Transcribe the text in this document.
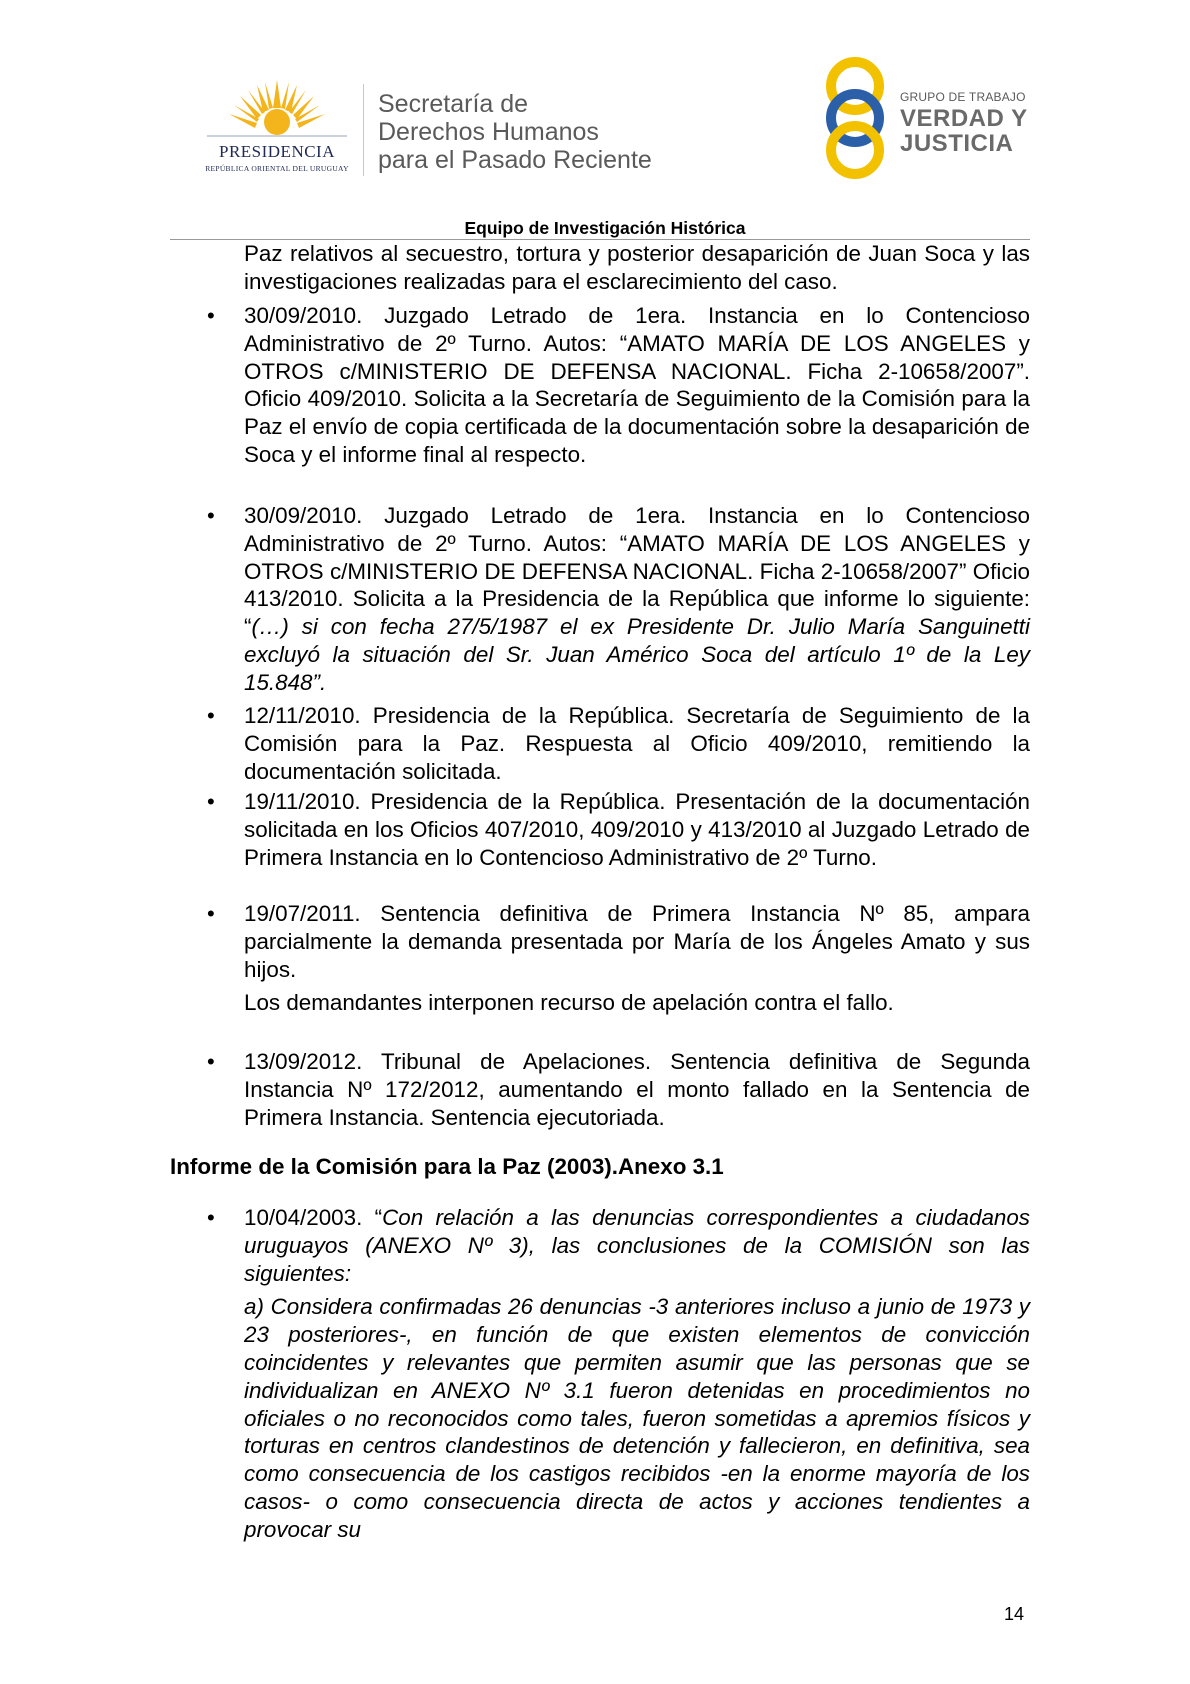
PRESIDENCIA
REPÚBLICA ORIENTAL DEL URUGUAY
Secretaría de
Derechos Humanos
para el Pasado Reciente
GRUPO DE TRABAJO
VERDAD Y
JUSTICIA
Equipo de Investigación Histórica

Paz relativos al secuestro, tortura y posterior desaparición de Juan Soca y las investigaciones realizadas para el esclarecimiento del caso.

• 30/09/2010. Juzgado Letrado de 1era. Instancia en lo Contencioso Administrativo de 2º Turno. Autos: “AMATO MARÍA DE LOS ANGELES y OTROS c/MINISTERIO DE DEFENSA NACIONAL. Ficha 2-10658/2007”. Oficio 409/2010. Solicita a la Secretaría de Seguimiento de la Comisión para la Paz el envío de copia certificada de la documentación sobre la desaparición de Soca y el informe final al respecto.

• 30/09/2010. Juzgado Letrado de 1era. Instancia en lo Contencioso Administrativo de 2º Turno. Autos: “AMATO MARÍA DE LOS ANGELES y OTROS c/MINISTERIO DE DEFENSA NACIONAL. Ficha 2-10658/2007” Oficio 413/2010. Solicita a la Presidencia de la República que informe lo siguiente: “(…) si con fecha 27/5/1987 el ex Presidente Dr. Julio María Sanguinetti excluyó la situación del Sr. Juan Américo Soca del artículo 1º de la Ley 15.848”.

• 12/11/2010. Presidencia de la República. Secretaría de Seguimiento de la Comisión para la Paz. Respuesta al Oficio 409/2010, remitiendo la documentación solicitada.

• 19/11/2010. Presidencia de la República. Presentación de la documentación solicitada en los Oficios 407/2010, 409/2010 y 413/2010 al Juzgado Letrado de Primera Instancia en lo Contencioso Administrativo de 2º Turno.

• 19/07/2011. Sentencia definitiva de Primera Instancia Nº 85, ampara parcialmente la demanda presentada por María de los Ángeles Amato y sus hijos.

Los demandantes interponen recurso de apelación contra el fallo.

• 13/09/2012. Tribunal de Apelaciones. Sentencia definitiva de Segunda Instancia Nº 172/2012, aumentando el monto fallado en la Sentencia de Primera Instancia. Sentencia ejecutoriada.

Informe de la Comisión para la Paz (2003).Anexo 3.1
• 10/04/2003. “Con relación a las denuncias correspondientes a ciudadanos uruguayos (ANEXO Nº 3), las conclusiones de la COMISIÓN son las siguientes:

a) Considera confirmadas 26 denuncias -3 anteriores incluso a junio de 1973 y 23 posteriores-, en función de que existen elementos de convicción coincidentes y relevantes que permiten asumir que las personas que se individualizan en ANEXO Nº 3.1 fueron detenidas en procedimientos no oficiales o no reconocidos como tales, fueron sometidas a apremios físicos y torturas en centros clandestinos de detención y fallecieron, en definitiva, sea como consecuencia de los castigos recibidos -en la enorme mayoría de los casos- o como consecuencia directa de actos y acciones tendientes a provocar su

14
